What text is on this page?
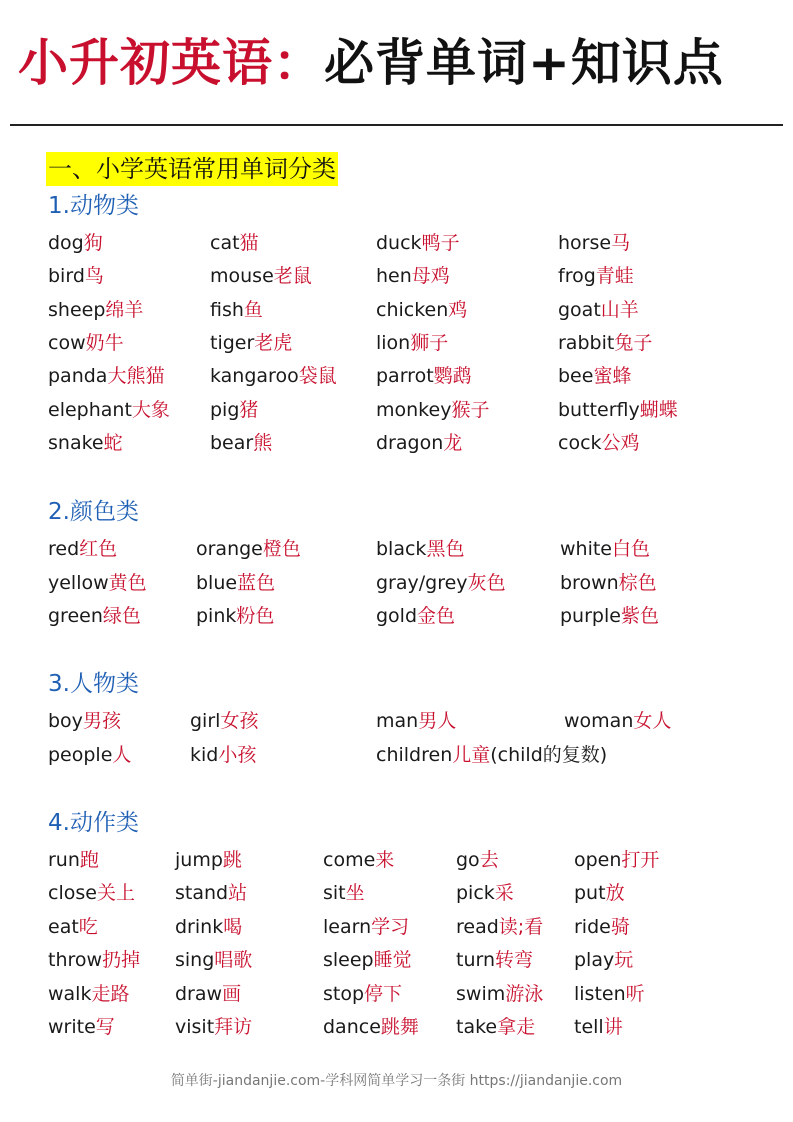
小升初英语：必背单词+知识点
一、小学英语常用单词分类
1.动物类
dog狗	cat猫	duck鸭子	horse马
bird鸟	mouse老鼠	hen母鸡	frog青蛙
sheep绵羊	fish鱼	chicken鸡	goat山羊
cow奶牛	tiger老虎	lion狮子	rabbit兔子
panda大熊猫 kangaroo袋鼠 parrot鹦鹉	bee蜜蜂
elephant大象 pig猪	monkey猴子	butterfly蝴蝶
snake蛇	bear熊	dragon龙	cock公鸡
2.颜色类
red红色	orange橙色	black黑色	white白色
yellow黄色	blue蓝色	gray/grey灰色	brown棕色
green绿色	pink粉色	gold金色	purple紫色
3.人物类
boy男孩	girl女孩	man男人	woman女人
people人	kid小孩	children儿童(child的复数)
4.动作类
run跑	jump跳	come来	go去	open打开
close关上 stand站	sit坐	pick采	put放
eat吃	drink喝	learn学习 read读;看 ride骑
throw扔掉 sing唱歌	sleep睡觉 turn转弯 play玩
walk走路 draw画	stop停下	swim游泳 listen听
write写	visit拜访	dance跳舞 take拿走 tell讲
简单街-jiandanjie.com-学科网简单学习一条街 https://jiandanjie.com
